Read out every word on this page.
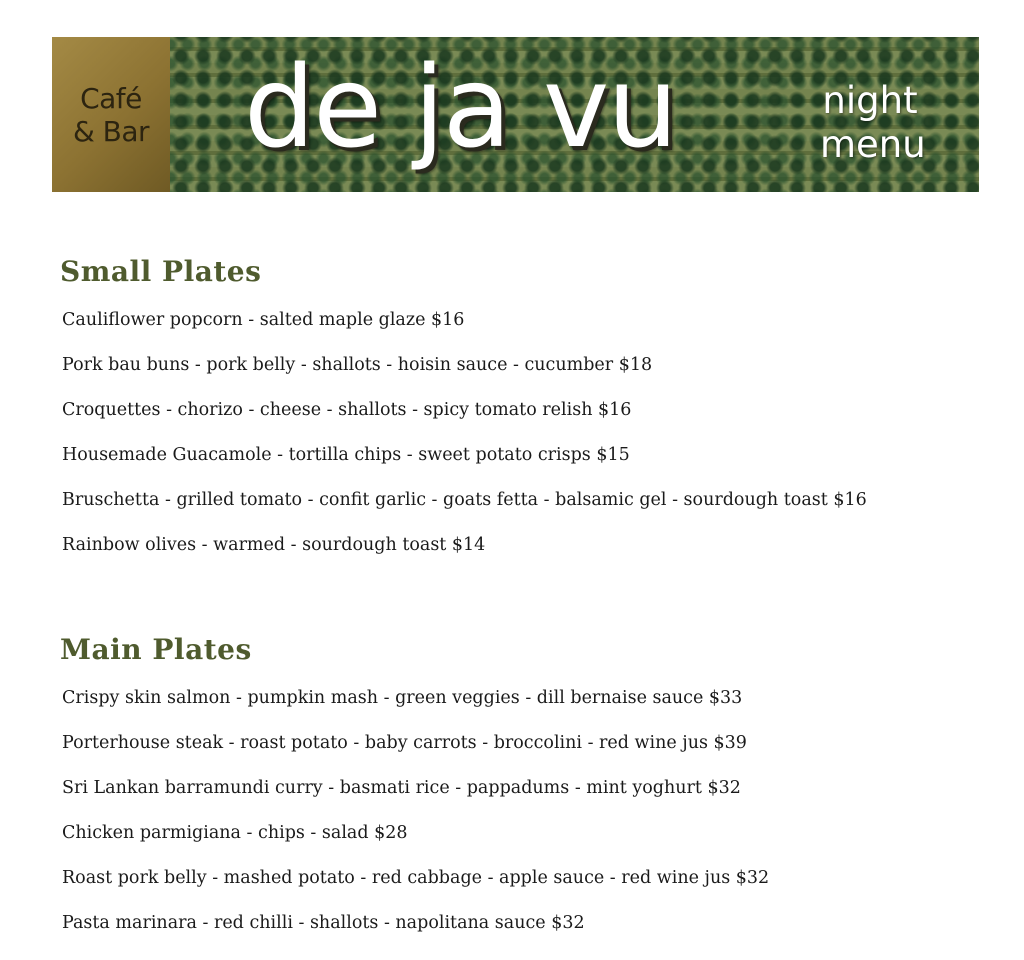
Café
& Bar de ja vu	night
menu
Small Plates
Cauliflower popcorn - salted maple glaze $16
Pork bau buns - pork belly - shallots - hoisin sauce - cucumber $18
Croquettes - chorizo - cheese - shallots - spicy tomato relish $16
Housemade Guacamole - tortilla chips - sweet potato crisps $15
Bruschetta - grilled tomato - confit garlic - goats fetta - balsamic gel - sourdough toast $16
Rainbow olives - warmed - sourdough toast $14
Main Plates
Crispy skin salmon - pumpkin mash - green veggies - dill bernaise sauce $33
Porterhouse steak - roast potato - baby carrots - broccolini - red wine jus $39
Sri Lankan barramundi curry - basmati rice - pappadums - mint yoghurt $32
Chicken parmigiana - chips - salad $28
Roast pork belly - mashed potato - red cabbage - apple sauce - red wine jus $32
Pasta marinara - red chilli - shallots - napolitana sauce $32
